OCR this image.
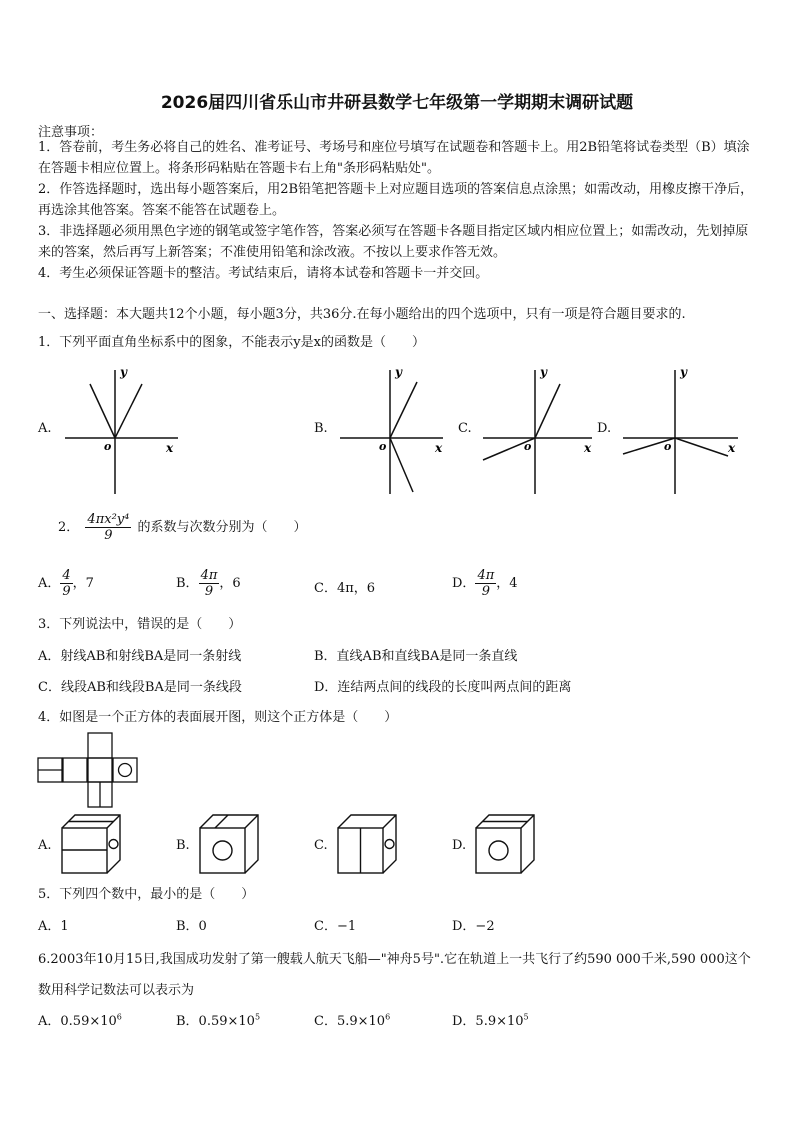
2026届四川省乐山市井研县数学七年级第一学期期末调研试题
注意事项：
1．答卷前，考生务必将自己的姓名、准考证号、考场号和座位号填写在试题卷和答题卡上。用2B铅笔将试卷类型（B）填涂在答题卡相应位置上。将条形码粘贴在答题卡右上角"条形码粘贴处"。
2．作答选择题时，选出每小题答案后，用2B铅笔把答题卡上对应题目选项的答案信息点涂黑；如需改动，用橡皮擦干净后，再选涂其他答案。答案不能答在试题卷上。
3．非选择题必须用黑色字迹的钢笔或签字笔作答，答案必须写在答题卡各题目指定区域内相应位置上；如需改动，先划掉原来的答案，然后再写上新答案；不准使用铅笔和涂改液。不按以上要求作答无效。
4．考生必须保证答题卡的整洁。考试结束后，请将本试卷和答题卡一并交回。
一、选择题：本大题共12个小题，每小题3分，共36分.在每小题给出的四个选项中，只有一项是符合题目要求的.
1．下列平面直角坐标系中的图象，不能表示y是x的函数是（　　）
A.
y
x
o
B.
y
x
o
C.
y
x
o
D.
y
x
o
2． $\frac{\text{4πx²y⁴}}{9}$ 的系数与次数分别为（　　）
A． $\frac{4}{9}$ ，7	B． $\frac{4\pi}{9}$ ，6	C．4π，6	D． $\frac{4\pi}{9}$ ，4
3．下列说法中，错误的是（　　）
A．射线AB和射线BA是同一条射线	B．直线AB和直线BA是同一条直线
C．线段AB和线段BA是同一条线段	D．连结两点间的线段的长度叫两点间的距离
4．如图是一个正方体的表面展开图，则这个正方体是（　　）
A.	B.	C.	D.
5．下列四个数中，最小的是（　　）
A．1	B．0	C．−1	D．−2
6.2003年10月15日,我国成功发射了第一艘载人航天飞船—"神舟5号".它在轨道上一共飞行了约590 000千米,590 000这个数用科学记数法可以表示为
A．$0.59\times 10^6$	B．$0.59\times 10^5$	C．$5.9\times 10^6$	D．$5.9\times 10^5$
